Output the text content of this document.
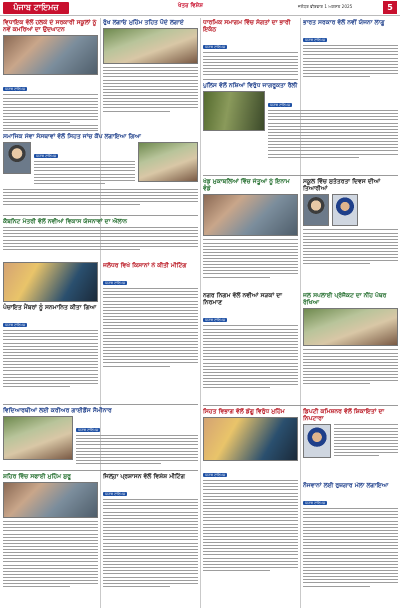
ਪੰਜਾਬ ਟਾਇਮਜ਼	ਖੇਤਰ ਵਿਸ਼ੇਸ਼	ਜਲੰਧਰ ਵੀਰਵਾਰ 1 ਅਗਸਤ 2025	5
ਵਿਧਾਇਕ ਵੱਲੋਂ ਹਲਕੇ ਦੇ ਸਰਕਾਰੀ ਸਕੂਲਾਂ ਨੂੰ ਨਵੇਂ ਕਮਰਿਆਂ ਦਾ ਉਦਘਾਟਨ
ਪੰਜਾਬ ਟਾਇਮਜ਼
ਸਮਾਜਿਕ ਸੇਵਾ ਸੰਸਥਾਵਾਂ ਵੱਲੋਂ ਸਿਹਤ ਜਾਂਚ ਕੈਂਪ ਲਗਾਇਆ ਗਿਆ
ਪੰਜਾਬ ਟਾਇਮਜ਼
ਕੈਬਨਿਟ ਮੰਤਰੀ ਵੱਲੋਂ ਨਵੀਆਂ ਵਿਕਾਸ ਯੋਜਨਾਵਾਂ ਦਾ ਐਲਾਨ
ਪੰਚਾਇਤ ਮੈਂਬਰਾਂ ਨੂੰ ਸਨਮਾਨਿਤ ਕੀਤਾ ਗਿਆ
ਪੰਜਾਬ ਟਾਇਮਜ਼
ਜਲੰਧਰ ਵਿਖੇ ਕਿਸਾਨਾਂ ਨੇ ਕੀਤੀ ਮੀਟਿੰਗ
ਪੰਜਾਬ ਟਾਇਮਜ਼
ਵਿਦਿਆਰਥੀਆਂ ਲਈ ਕਰੀਅਰ ਗਾਈਡੈਂਸ ਸੈਮੀਨਾਰ
ਪੰਜਾਬ ਟਾਇਮਜ਼
ਸ਼ਹਿਰ ਵਿੱਚ ਸਫਾਈ ਮੁਹਿੰਮ ਸ਼ੁਰੂ	ਜਿਲ੍ਹਾ ਪ੍ਰਸ਼ਾਸਨ ਵੱਲੋਂ ਵਿਸ਼ੇਸ਼ ਮੀਟਿੰਗ
ਪੰਜਾਬ ਟਾਇਮਜ਼
ਰੁੱਖ ਲਗਾਓ ਮੁਹਿੰਮ ਤਹਿਤ ਪੌਦੇ ਲਗਾਏ	ਧਾਰਮਿਕ ਸਮਾਗਮ ਵਿੱਚ ਸੰਗਤਾਂ ਦਾ ਭਾਰੀ ਇਕੱਠ
ਪੰਜਾਬ ਟਾਇਮਜ਼
ਪੁਲਿਸ ਵੱਲੋਂ ਨਸ਼ਿਆਂ ਵਿਰੁੱਧ ਜਾਗਰੂਕਤਾ ਰੈਲੀ
ਪੰਜਾਬ ਟਾਇਮਜ਼
ਖੇਡ ਮੁਕਾਬਲਿਆਂ ਵਿੱਚ ਜੇਤੂਆਂ ਨੂੰ ਇਨਾਮ ਵੰਡੇ
ਨਗਰ ਨਿਗਮ ਵੱਲੋਂ ਨਵੀਆਂ ਸੜਕਾਂ ਦਾ ਨਿਰਮਾਣ
ਪੰਜਾਬ ਟਾਇਮਜ਼
ਸਿਹਤ ਵਿਭਾਗ ਵੱਲੋਂ ਡੇਂਗੂ ਵਿਰੁੱਧ ਮੁਹਿੰਮ
ਪੰਜਾਬ ਟਾਇਮਜ਼
ਭਾਰਤ ਸਰਕਾਰ ਵੱਲੋਂ ਨਵੀਂ ਯੋਜਨਾ ਲਾਗੂ
ਪੰਜਾਬ ਟਾਇਮਜ਼
ਸਕੂਲ ਵਿੱਚ ਸੁਤੰਤਰਤਾ ਦਿਵਸ ਦੀਆਂ ਤਿਆਰੀਆਂ
ਜਲ ਸਪਲਾਈ ਪ੍ਰੋਜੈਕਟ ਦਾ ਨੀਂਹ ਪੱਥਰ ਰੱਖਿਆ
ਡਿਪਟੀ ਕਮਿਸ਼ਨਰ ਵੱਲੋਂ ਸ਼ਿਕਾਇਤਾਂ ਦਾ ਨਿਪਟਾਰਾ
ਨੌਜਵਾਨਾਂ ਲਈ ਰੁਜ਼ਗਾਰ ਮੇਲਾ ਲਗਾਇਆ
ਪੰਜਾਬ ਟਾਇਮਜ਼
